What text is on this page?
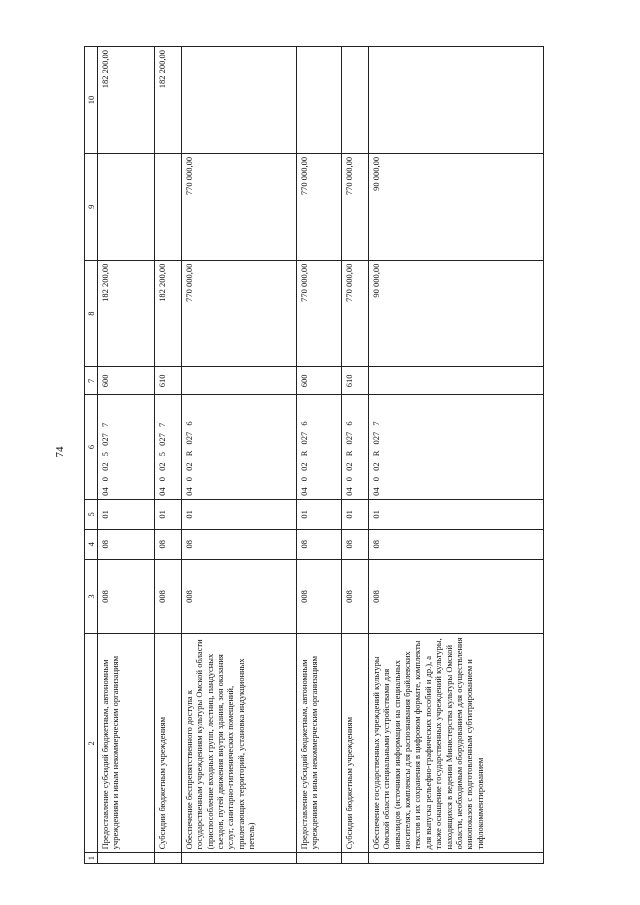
74
1	2	3	4	5	6	7	8	9	10
	Предоставление субсидий бюджетным, автономным учреждениям и иным некоммерческим организациям	008	08	01	04 0 02 5 027 7	600	182 200,00		182 200,00
	Субсидии бюджетным учреждениям	008	08	01	04 0 02 5 027 7	610	182 200,00		182 200,00
	Обеспечение беспрепятственного доступа к государственным учреждениям культуры Омской области (приспособление входных групп, лестниц, пандусных съездов, путей движения внутри здания, зон оказания услуг, санитарно-гигиенических помещений, прилегающих территорий, установка индукционных петель)	008	08	01	04 0 02 R 027 6		770 000,00	770 000,00	
	Предоставление субсидий бюджетным, автономным учреждениям и иным некоммерческим организациям	008	08	01	04 0 02 R 027 6	600	770 000,00	770 000,00	
	Субсидии бюджетным учреждениям	008	08	01	04 0 02 R 027 6	610	770 000,00	770 000,00	
	Обеспечение государственных учреждений культуры Омской области специальными устройствами для инвалидов (источники информации на специальных носителях, комплексы для распознавания брайлевских текстов и их сохранения в цифровом формате, комплекты для выпуска рельефно-графических пособий и др.), а также оснащение государственных учреждений культуры, находящихся в ведении Министерства культуры Омской области, необходимым оборудованием для осуществления кинопоказов с подготовленным субтитрированием и тифлокомментированием	008	08	01	04 0 02 R 027 7		90 000,00	90 000,00	
